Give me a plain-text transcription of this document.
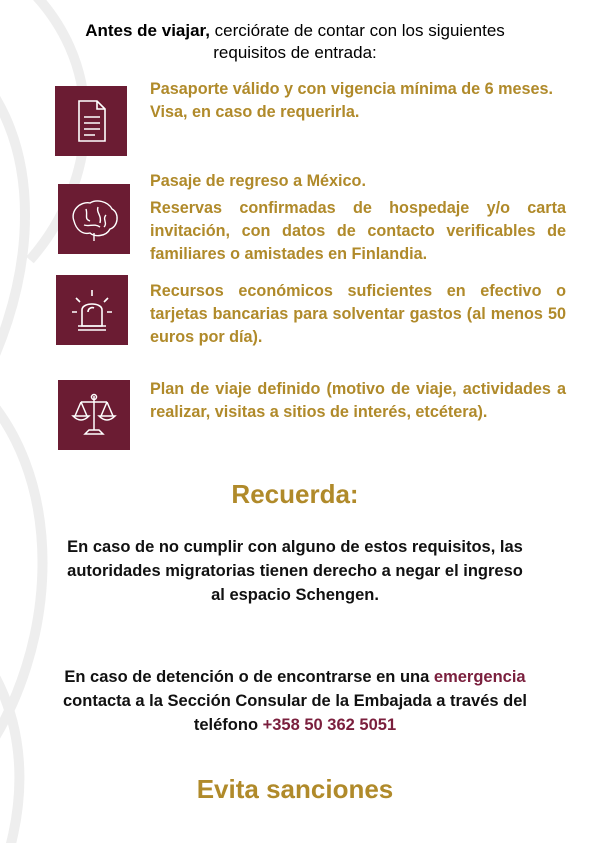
Antes de viajar, cerciórate de contar con los siguientes
requisitos de entrada:

Pasaporte válido y con vigencia mínima de 6 meses.

Visa, en caso de requerirla.

Pasaje de regreso a México.

Reservas confirmadas de hospedaje y/o carta invitación, con datos de contacto verificables de familiares o amistades en Finlandia.

Recursos económicos suficientes en efectivo o tarjetas bancarias para solventar gastos (al menos 50 euros por día).

Plan de viaje definido (motivo de viaje, actividades a realizar, visitas a sitios de interés, etcétera).

Recuerda:
En caso de no cumplir con alguno de estos requisitos, las autoridades migratorias tienen derecho a negar el ingreso al espacio Schengen.
En caso de detención o de encontrarse en una emergencia contacta a la Sección Consular de la Embajada a través del teléfono +358 50 362 5051
Evita sanciones
